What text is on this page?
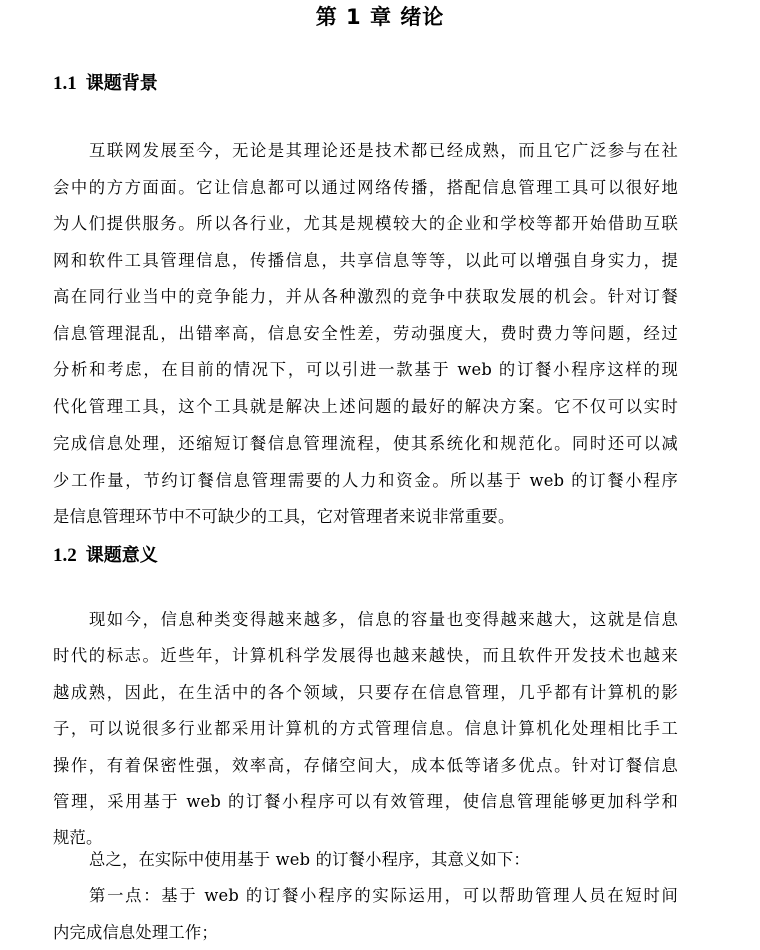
第 1 章 绪论
1.1 课题背景
互联网发展至今，无论是其理论还是技术都已经成熟，而且它广泛参与在社
会中的方方面面。它让信息都可以通过网络传播，搭配信息管理工具可以很好地
为人们提供服务。所以各行业，尤其是规模较大的企业和学校等都开始借助互联
网和软件工具管理信息，传播信息，共享信息等等，以此可以增强自身实力，提
高在同行业当中的竞争能力，并从各种激烈的竞争中获取发展的机会。针对订餐
信息管理混乱，出错率高，信息安全性差，劳动强度大，费时费力等问题，经过
分析和考虑，在目前的情况下，可以引进一款基于 web 的订餐小程序这样的现
代化管理工具，这个工具就是解决上述问题的最好的解决方案。它不仅可以实时
完成信息处理，还缩短订餐信息管理流程，使其系统化和规范化。同时还可以减
少工作量，节约订餐信息管理需要的人力和资金。所以基于 web 的订餐小程序
是信息管理环节中不可缺少的工具，它对管理者来说非常重要。
1.2 课题意义
现如今，信息种类变得越来越多，信息的容量也变得越来越大，这就是信息
时代的标志。近些年，计算机科学发展得也越来越快，而且软件开发技术也越来
越成熟，因此，在生活中的各个领域，只要存在信息管理，几乎都有计算机的影
子，可以说很多行业都采用计算机的方式管理信息。信息计算机化处理相比手工
操作，有着保密性强，效率高，存储空间大，成本低等诸多优点。针对订餐信息
管理，采用基于 web 的订餐小程序可以有效管理，使信息管理能够更加科学和
规范。
总之，在实际中使用基于 web 的订餐小程序，其意义如下：
第一点：基于 web 的订餐小程序的实际运用，可以帮助管理人员在短时间
内完成信息处理工作；
